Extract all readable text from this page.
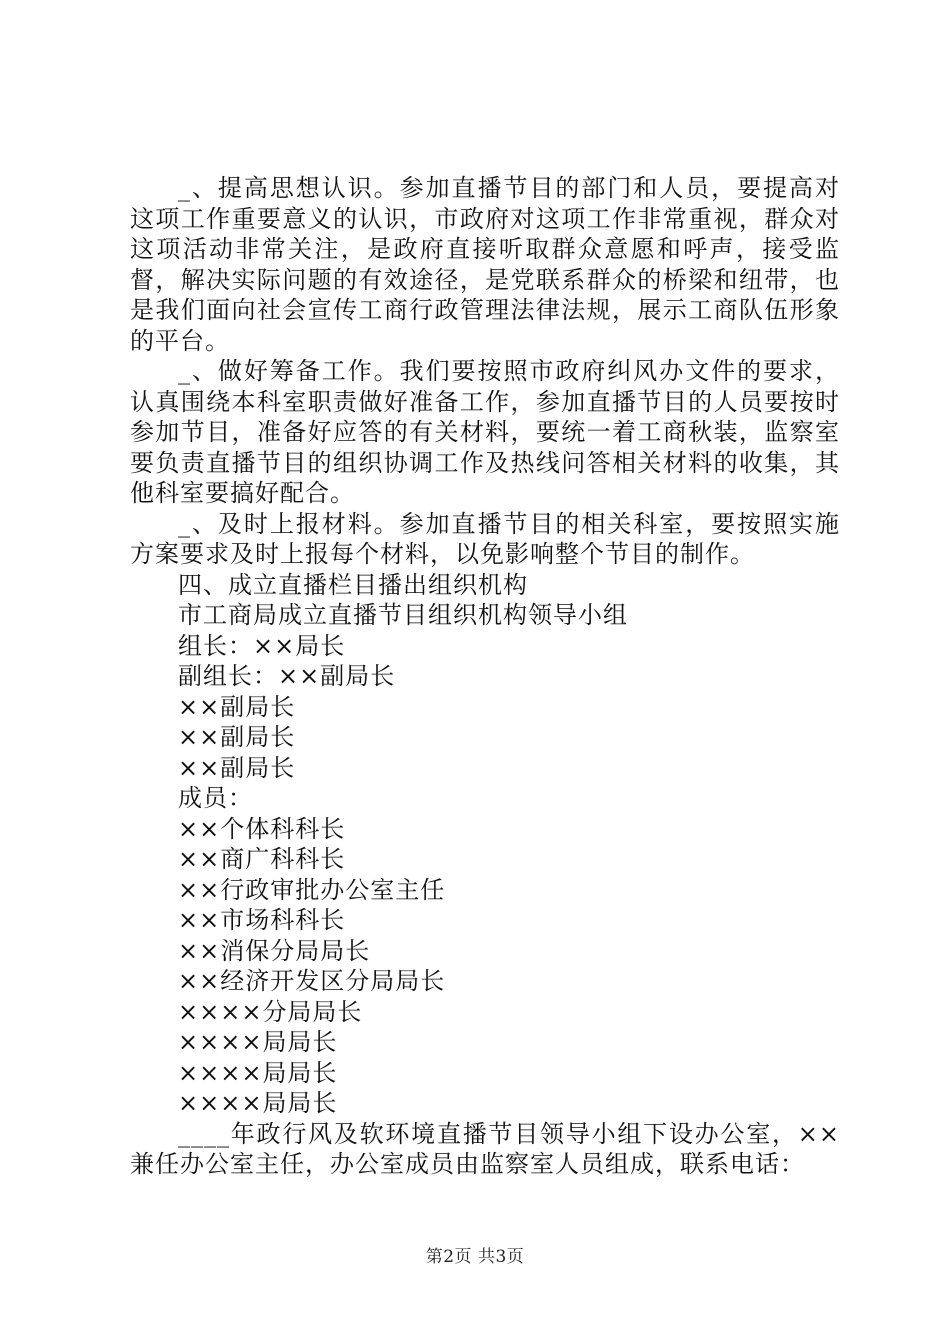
_、提高思想认识。参加直播节目的部门和人员，要提高对这项工作重要意义的认识，市政府对这项工作非常重视，群众对这项活动非常关注，是政府直接听取群众意愿和呼声，接受监督，解决实际问题的有效途径，是党联系群众的桥梁和纽带，也是我们面向社会宣传工商行政管理法律法规，展示工商队伍形象的平台。

_、做好筹备工作。我们要按照市政府纠风办文件的要求，认真围绕本科室职责做好准备工作，参加直播节目的人员要按时参加节目，准备好应答的有关材料，要统一着工商秋装，监察室要负责直播节目的组织协调工作及热线问答相关材料的收集，其他科室要搞好配合。

_、及时上报材料。参加直播节目的相关科室，要按照实施方案要求及时上报每个材料，以免影响整个节目的制作。

四、成立直播栏目播出组织机构

市工商局成立直播节目组织机构领导小组

组长：××局长

副组长：××副局长

××副局长

××副局长

××副局长

成员：

××个体科科长

××商广科科长

××行政审批办公室主任

××市场科科长

××消保分局局长

××经济开发区分局局长

××××分局局长

××××局局长

××××局局长

××××局局长

____年政行风及软环境直播节目领导小组下设办公室，××兼任办公室主任，办公室成员由监察室人员组成，联系电话：

第2页 共3页
